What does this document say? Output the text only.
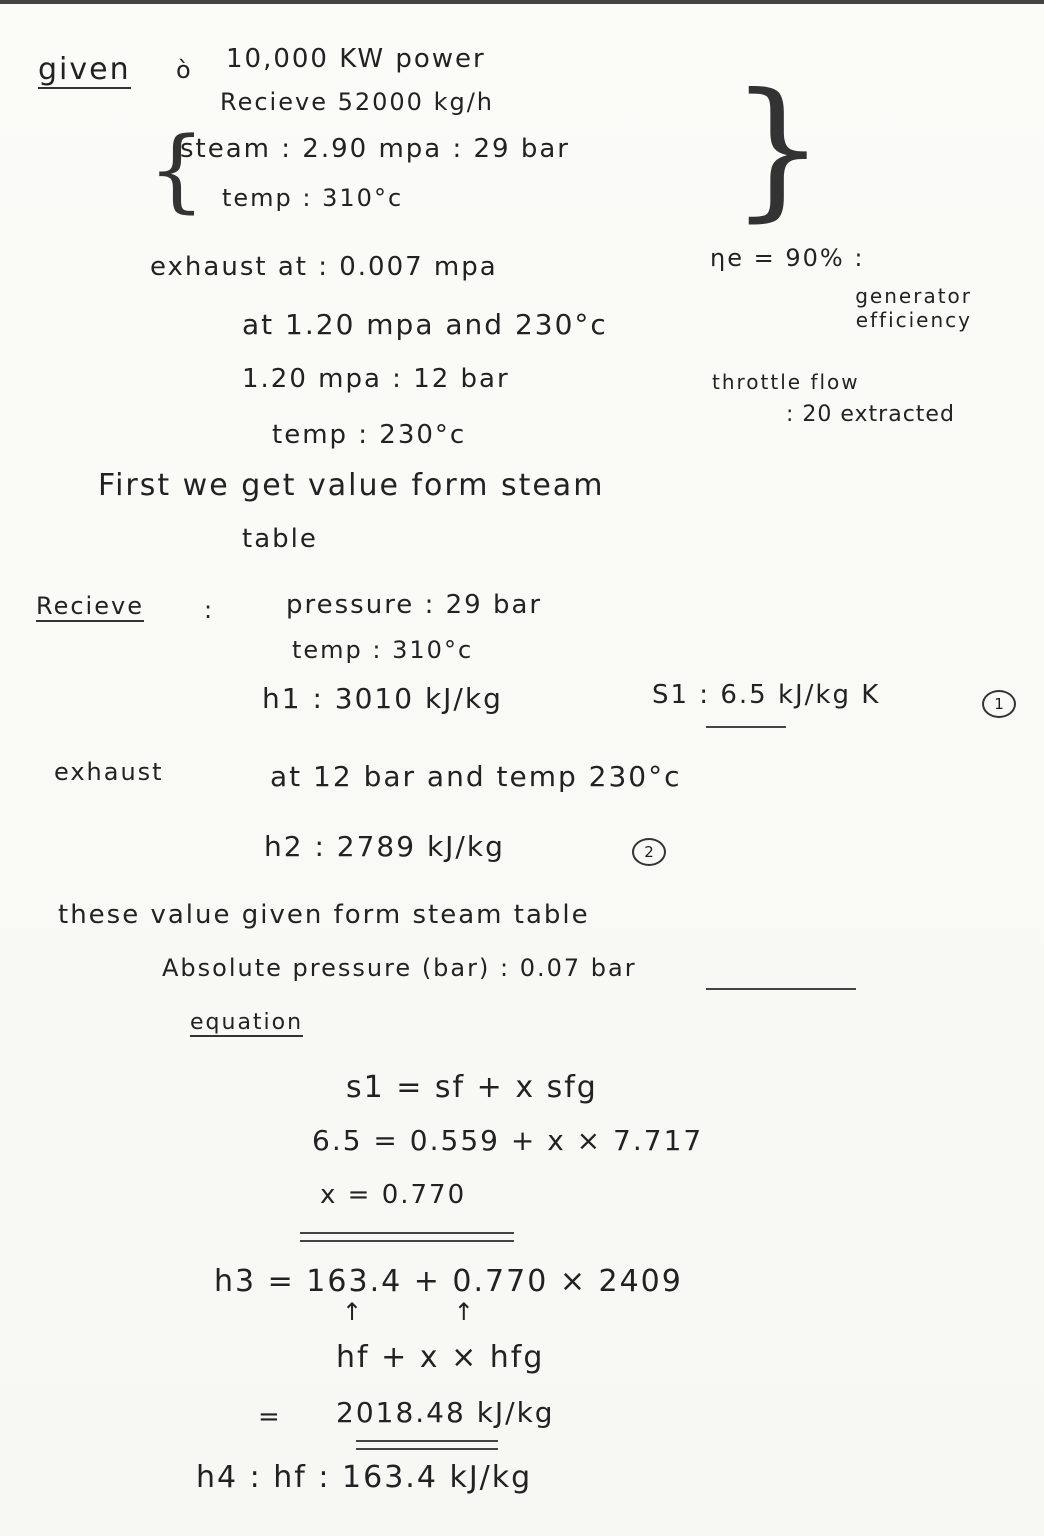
given ò 10,000 KW power
Recieve 52000 kg/h
{
steam : 2.90 mpa : 29 bar
temp : 310°c }
exhaust at : 0.007 mpa	ηe = 90% :
generator efficiency
at 1.20 mpa and 230°c
1.20 mpa : 12 bar	throttle flow
: 20 extracted
temp : 230°c
First we get value form steam
table
Recieve	:	pressure : 29 bar
temp : 310°c
h1 : 3010 kJ/kg	S1 : 6.5 kJ/kg K	1
exhaust	at 12 bar and temp 230°c
h2 : 2789 kJ/kg	2
these value given form steam table
Absolute pressure (bar) : 0.07 bar
equation
s1 = sf + x sfg
6.5 = 0.559 + x × 7.717
x = 0.770
h3 = 163.4 + 0.770 × 2409
↑ ↑
hf + x × hfg
= 2018.48 kJ/kg
h4 : hf : 163.4 kJ/kg
